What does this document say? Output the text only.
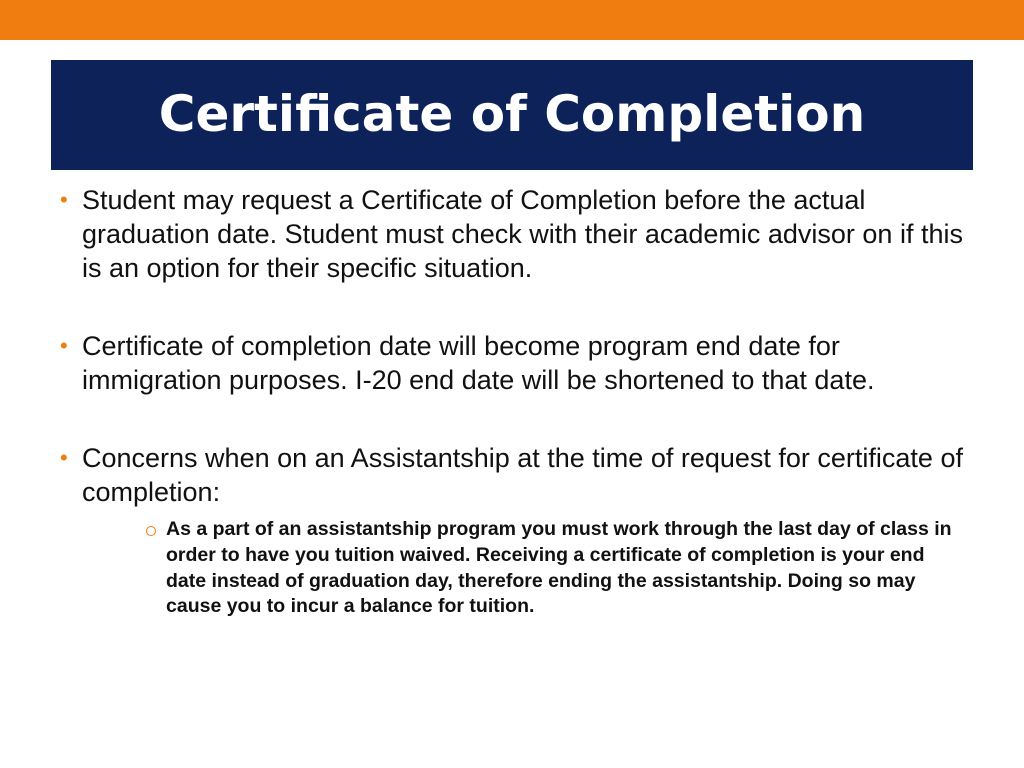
Certificate of Completion
• Student may request a Certificate of Completion before the actual graduation date. Student must check with their academic advisor on if this is an option for their specific situation.
• Certificate of completion date will become program end date for immigration purposes. I-20 end date will be shortened to that date.
• Concerns when on an Assistantship at the time of request for certificate of completion:
As a part of an assistantship program you must work through the last day of class in order to have you tuition waived. Receiving a certificate of completion is your end date instead of graduation day, therefore ending the assistantship. Doing so may cause you to incur a balance for tuition.
